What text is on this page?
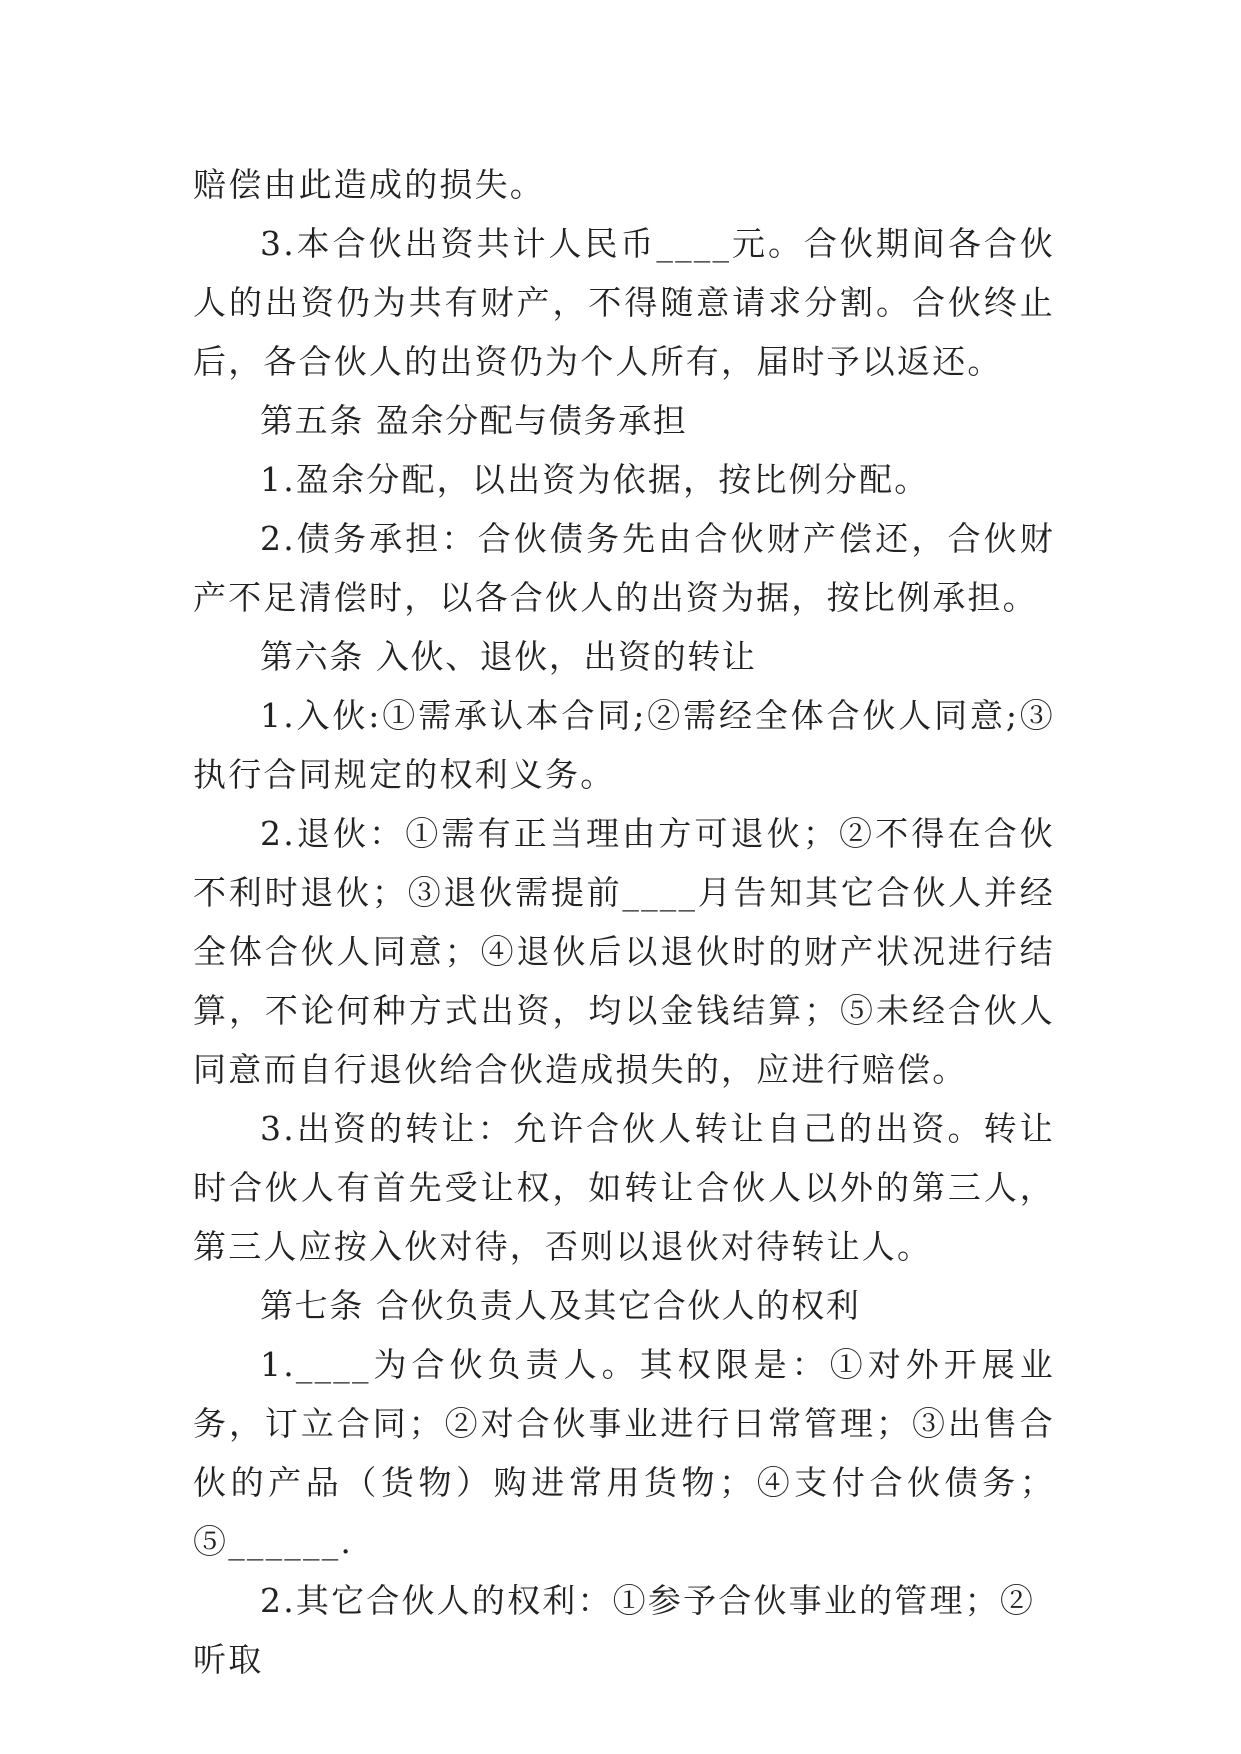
赔偿由此造成的损失。

3.本合伙出资共计人民币____元。合伙期间各合伙人的出资仍为共有财产，不得随意请求分割。合伙终止后，各合伙人的出资仍为个人所有，届时予以返还。

第五条 盈余分配与债务承担

1.盈余分配，以出资为依据，按比例分配。

2.债务承担：合伙债务先由合伙财产偿还，合伙财产不足清偿时，以各合伙人的出资为据，按比例承担。

第六条 入伙、退伙，出资的转让

1.入伙:①需承认本合同;②需经全体合伙人同意;③执行合同规定的权利义务。

2.退伙：①需有正当理由方可退伙；②不得在合伙不利时退伙；③退伙需提前____月告知其它合伙人并经全体合伙人同意；④退伙后以退伙时的财产状况进行结算，不论何种方式出资，均以金钱结算；⑤未经合伙人同意而自行退伙给合伙造成损失的，应进行赔偿。

3.出资的转让：允许合伙人转让自己的出资。转让时合伙人有首先受让权，如转让合伙人以外的第三人，第三人应按入伙对待，否则以退伙对待转让人。

第七条 合伙负责人及其它合伙人的权利

1.____为合伙负责人。其权限是：①对外开展业务，订立合同；②对合伙事业进行日常管理；③出售合伙的产品（货物）购进常用货物；④支付合伙债务；⑤______.

2.其它合伙人的权利：①参予合伙事业的管理；②听取
